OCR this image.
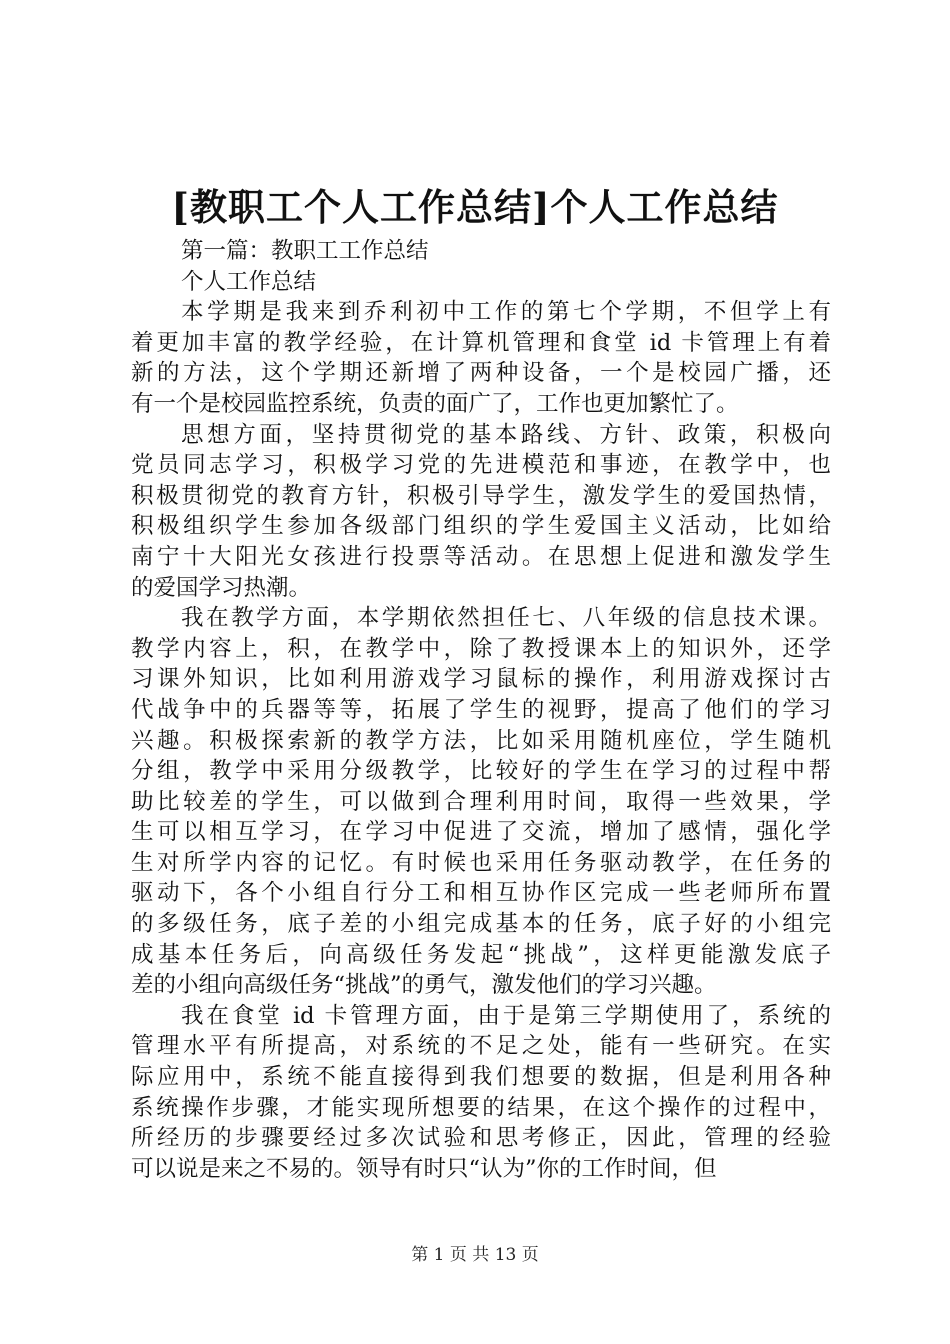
[教职工个人工作总结]个人工作总结
第一篇：教职工工作总结
个人工作总结
本学期是我来到乔利初中工作的第七个学期，不但学上有
着更加丰富的教学经验，在计算机管理和食堂 id 卡管理上有着
新的方法，这个学期还新增了两种设备，一个是校园广播，还
有一个是校园监控系统，负责的面广了，工作也更加繁忙了。
思想方面，坚持贯彻党的基本路线、方针、政策，积极向
党员同志学习，积极学习党的先进模范和事迹，在教学中，也
积极贯彻党的教育方针，积极引导学生，激发学生的爱国热情，
积极组织学生参加各级部门组织的学生爱国主义活动，比如给
南宁十大阳光女孩进行投票等活动。在思想上促进和激发学生
的爱国学习热潮。
我在教学方面，本学期依然担任七、八年级的信息技术课。
教学内容上，积，在教学中，除了教授课本上的知识外，还学
习课外知识，比如利用游戏学习鼠标的操作，利用游戏探讨古
代战争中的兵器等等，拓展了学生的视野，提高了他们的学习
兴趣。积极探索新的教学方法，比如采用随机座位，学生随机
分组，教学中采用分级教学，比较好的学生在学习的过程中帮
助比较差的学生，可以做到合理利用时间，取得一些效果，学
生可以相互学习，在学习中促进了交流，增加了感情，强化学
生对所学内容的记忆。有时候也采用任务驱动教学，在任务的
驱动下，各个小组自行分工和相互协作区完成一些老师所布置
的多级任务，底子差的小组完成基本的任务，底子好的小组完
成基本任务后，向高级任务发起“挑战”，这样更能激发底子
差的小组向高级任务“挑战”的勇气，激发他们的学习兴趣。
我在食堂 id 卡管理方面，由于是第三学期使用了，系统的
管理水平有所提高，对系统的不足之处，能有一些研究。在实
际应用中，系统不能直接得到我们想要的数据，但是利用各种
系统操作步骤，才能实现所想要的结果，在这个操作的过程中，
所经历的步骤要经过多次试验和思考修正，因此，管理的经验
可以说是来之不易的。领导有时只“认为”你的工作时间，但
第 1 页 共 13 页
